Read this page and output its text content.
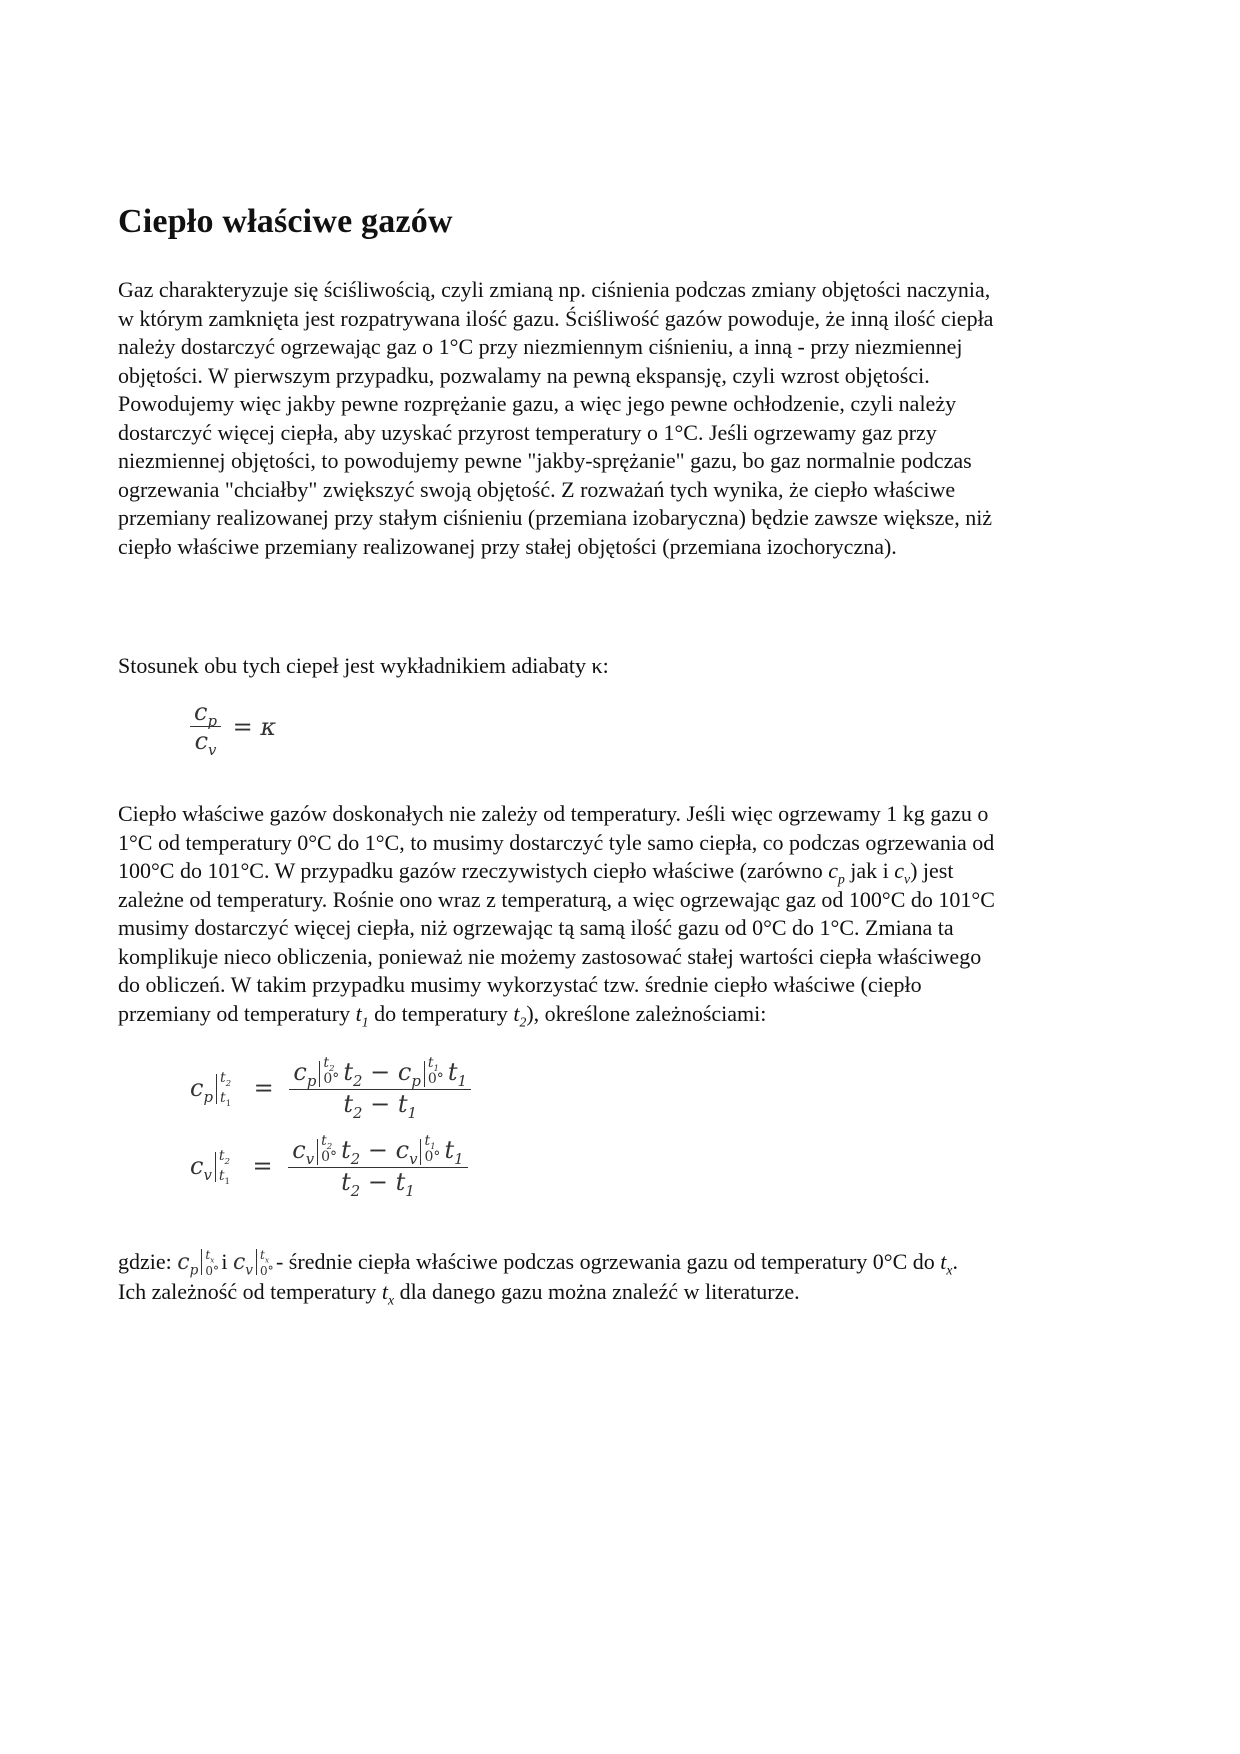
Ciepło właściwe gazów
Gaz charakteryzuje się ściśliwością, czyli zmianą np. ciśnienia podczas zmiany objętości naczynia,
w którym zamknięta jest rozpatrywana ilość gazu. Ściśliwość gazów powoduje, że inną ilość ciepła
należy dostarczyć ogrzewając gaz o 1°C przy niezmiennym ciśnieniu, a inną - przy niezmiennej
objętości. W pierwszym przypadku, pozwalamy na pewną ekspansję, czyli wzrost objętości.
Powodujemy więc jakby pewne rozprężanie gazu, a więc jego pewne ochłodzenie, czyli należy
dostarczyć więcej ciepła, aby uzyskać przyrost temperatury o 1°C. Jeśli ogrzewamy gaz przy
niezmiennej objętości, to powodujemy pewne "jakby-sprężanie" gazu, bo gaz normalnie podczas
ogrzewania "chciałby" zwiększyć swoją objętość. Z rozważań tych wynika, że ciepło właściwe
przemiany realizowanej przy stałym ciśnieniu (przemiana izobaryczna) będzie zawsze większe, niż
ciepło właściwe przemiany realizowanej przy stałej objętości (przemiana izochoryczna).
Stosunek obu tych ciepeł jest wykładnikiem adiabaty κ:
$\frac{c_p}{c_v} = \kappa$
Ciepło właściwe gazów doskonałych nie zależy od temperatury. Jeśli więc ogrzewamy 1 kg gazu o
1°C od temperatury 0°C do 1°C, to musimy dostarczyć tyle samo ciepła, co podczas ogrzewania od
100°C do 101°C. W przypadku gazów rzeczywistych ciepło właściwe (zarówno $c_p$ jak i $c_v$) jest
zależne od temperatury. Rośnie ono wraz z temperaturą, a więc ogrzewając gaz od 100°C do 101°C
musimy dostarczyć więcej ciepła, niż ogrzewając tą samą ilość gazu od 0°C do 1°C. Zmiana ta
komplikuje nieco obliczenia, ponieważ nie możemy zastosować stałej wartości ciepła właściwego
do obliczeń. W takim przypadku musimy wykorzystać tzw. średnie ciepło właściwe (ciepło
przemiany od temperatury $t_1$ do temperatury $t_2$), określone zależnościami:
$c_p$
$t_2$
$t_1$
= $c_p$
$t_2$
0° $t_2 - c_p$
$t_1$
0° $t_1$
$t_2 - t_1$
$c_v$
$t_2$
$t_1$
= $c_v$
$t_2$
0° $t_2 - c_v$
$t_1$
0° $t_1$
$t_2 - t_1$
gdzie: $c_p$
$t_x$
0° i $c_v$
$t_x$
0° - średnie ciepła właściwe podczas ogrzewania gazu od temperatury 0°C do $t_x$.
Ich zależność od temperatury $t_x$ dla danego gazu można znaleźć w literaturze.
